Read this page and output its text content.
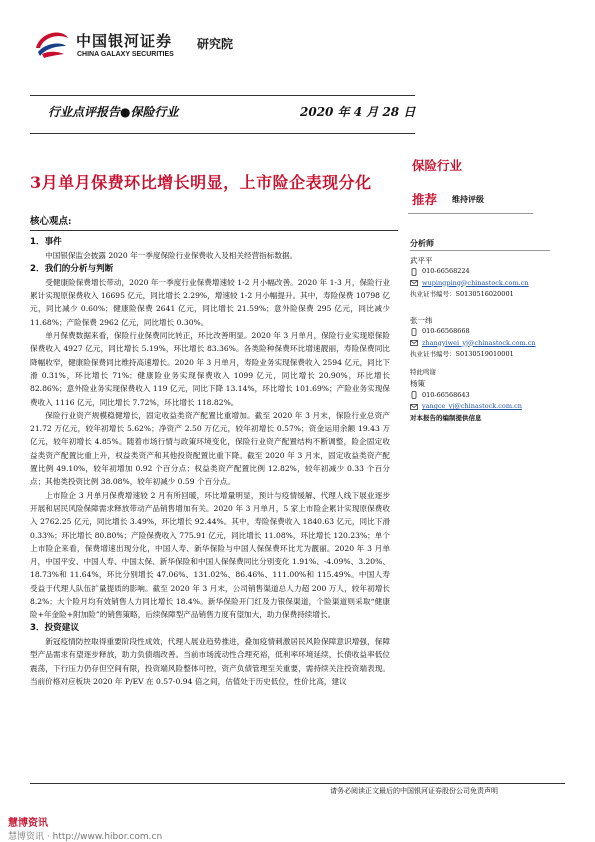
中国银河证券
CHINA GALAXY SECURITIES
研究院
行业点评报告●保险行业	2020 年 4 月 28 日
3月单月保费环比增长明显，上市险企表现分化
保险行业
推荐 维持评级
核心观点:
1．事件

中国银保监会披露 2020 年一季度保险行业保费收入及相关经营指标数据。

2．我们的分析与判断

受健康险保费增长带动，2020 年一季度行业保费增速较 1-2 月小幅改善。2020 年 1-3 月，保险行业累计实现原保费收入 16695 亿元，同比增长 2.29%，增速较 1-2 月小幅提升。其中，寿险保费 10798 亿元，同比减少 0.60%；健康险保费 2641 亿元，同比增长 21.59%；意外险保费 295 亿元，同比减少 11.68%；产险保费 2962 亿元，同比增长 0.30%。

单月保费数据来看，保险行业保费同比转正，环比改善明显。2020 年 3 月单月，保险行业实现原保险保费收入 4927 亿元，同比增长 5.19%，环比增长 83.36%。各类险种保费环比增速靓丽，寿险保费同比降幅收窄，健康险保费同比维持高速增长。2020 年 3 月单月，寿险业务实现保费收入 2594 亿元，同比下滑 0.31%，环比增长 71%；健康险业务实现保费收入 1099 亿元，同比增长 20.90%，环比增长 82.86%；意外险业务实现保费收入 119 亿元，同比下降 13.14%，环比增长 101.69%；产险业务实现保费收入 1116 亿元，同比增长 7.72%，环比增长 118.82%。

保险行业资产规模稳健增长，固定收益类资产配置比重增加。截至 2020 年 3 月末，保险行业总资产 21.72 万亿元，较年初增长 5.62%；净资产 2.50 万亿元，较年初增长 0.57%；资金运用余额 19.43 万亿元，较年初增长 4.85%。随着市场行情与政策环境变化，保险行业资产配置结构不断调整，险企固定收益类资产配置比重上升，权益类资产和其他投资配置比重下降。截至 2020 年 3 月末，固定收益类资产配置比例 49.10%，较年初增加 0.92 个百分点；权益类资产配置比例 12.82%，较年初减少 0.33 个百分点；其他类投资比例 38.08%，较年初减少 0.59 个百分点。

上市险企 3 月单月保费增速较 2 月有所回暖，环比增量明显，预计与疫情缓解、代理人线下展业逐步开展和居民风险保障需求释放带动产品销售增加有关。2020 年 3 月单月，5 家上市险企累计实现原保费收入 2762.25 亿元，同比增长 3.49%，环比增长 92.44%。其中，寿险保费收入 1840.63 亿元，同比下滑 0.33%；环比增长 80.80%；产险保费收入 775.91 亿元，同比增长 11.08%，环比增长 120.23%；单个上市险企来看，保费增速出现分化，中国人寿、新华保险与中国人保保费环比尤为靓丽。2020 年 3 月单月，中国平安、中国人寿、中国太保、新华保险和中国人保保费同比分别变化 1.91%、-4.09%、3.20%、18.73%和 11.64%，环比分别增长 47.06%、131.02%、86.46%、111.00%和 115.49%。中国人寿受益于代理人队伍扩量提质的影响。截至 2020 年 3 月末，公司销售渠道总人力超 200 万人，较年初增长 8.2%；大个险月均有效销售人力同比增长 18.4%。新华保险开门红及力银保渠道，个险渠道则采取“健康险+年金险+附加险”的销售策略，后续保障型产品销售力度有望加大，助力保费持续增长。

3．投资建议

新冠疫情防控取得重要阶段性成效，代理人展业趋势推进，叠加疫情刺激居民风险保障意识增强，保障型产品需求有望逐步释放，助力负债端改善。当前市场流动性合理充裕，低利率环境延续，长债收益率低位震荡，下行压力仍存但空间有限，投资端风险整体可控，资产负债管理至关重要，需持续关注投资端表现。当前价格对应板块 2020 年 P/EV 在 0.57-0.94 倍之间，估值处于历史低位，性价比高，建议

分析师
武平平
010-66568224
wupingping@chinastock.com.cn
执业证书编号：S0130516020001
张一纬
010-66568668
zhangyiwei_yj@chinastock.com.cn
执业证书编号：S0130519010001
特此鸣谢
杨策
010-66568643
yangce_yj@chinastock.com.cn
对本报告的编制提供信息
请务必阅读正文最后的中国银河证券股份公司免责声明
慧博资讯
慧博资讯 · http://www.hibor.com.cn
